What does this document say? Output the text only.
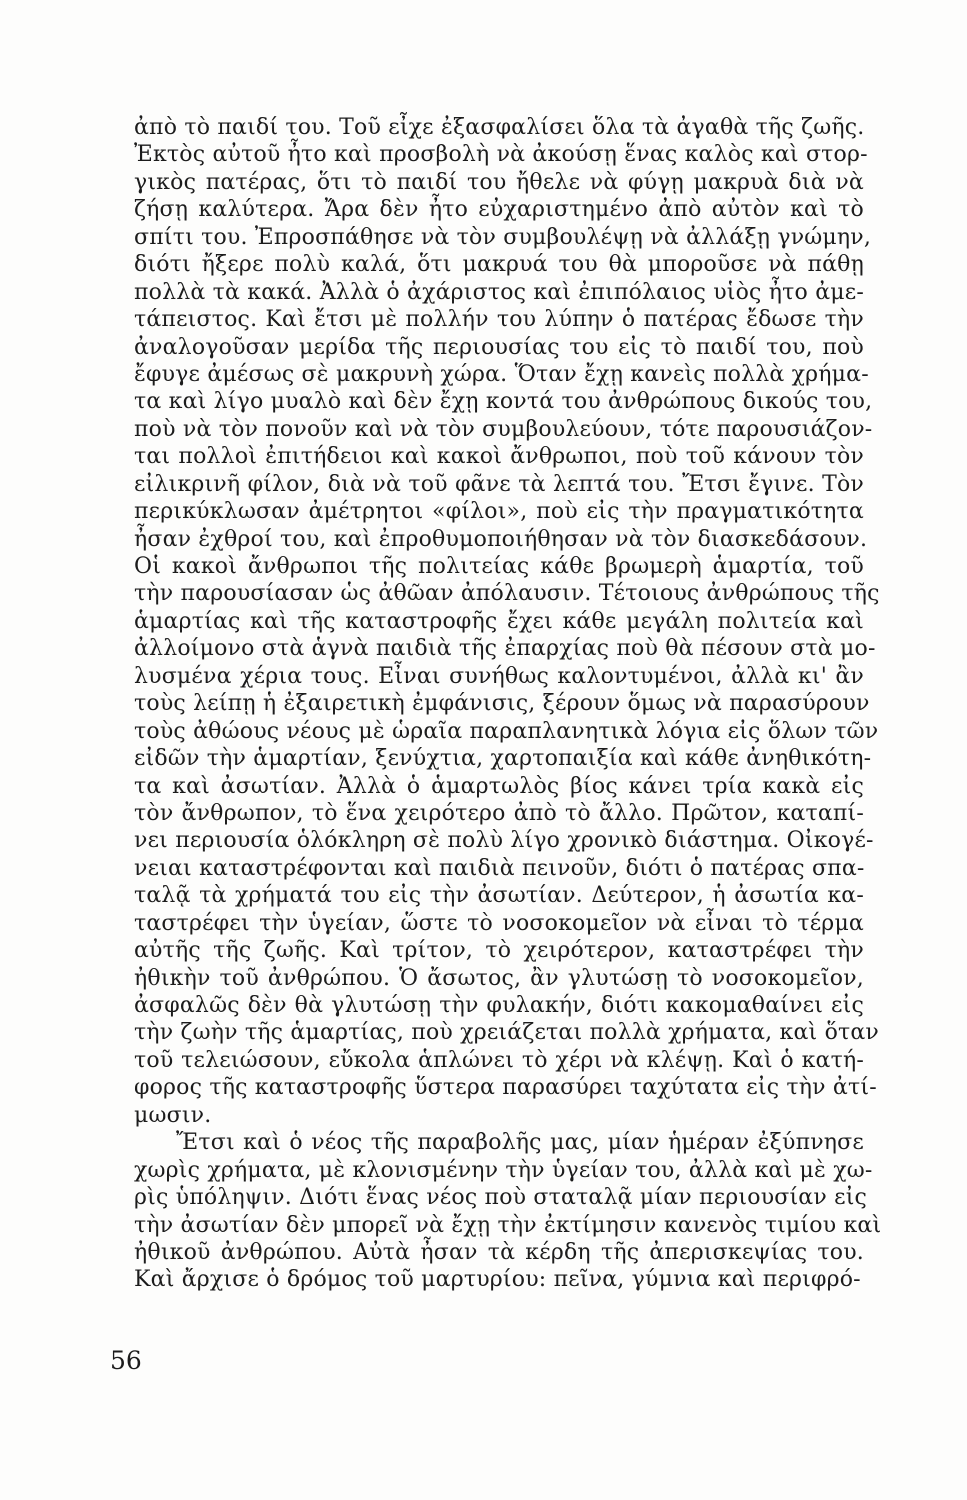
ἀπὸ τὸ παιδί του. Τοῦ εἶχε ἐξασφαλίσει ὅλα τὰ ἀγαθὰ τῆς ζωῆς.
Ἐκτὸς αὐτοῦ ἦτο καὶ προσβολὴ νὰ ἀκούσῃ ἕνας καλὸς καὶ στορ-
γικὸς πατέρας, ὅτι τὸ παιδί του ἤθελε νὰ φύγῃ μακρυὰ διὰ νὰ
ζήσῃ καλύτερα. Ἄρα δὲν ἦτο εὐχαριστημένο ἀπὸ αὐτὸν καὶ τὸ
σπίτι του. Ἐπροσπάθησε νὰ τὸν συμβουλέψῃ νὰ ἀλλάξῃ γνώμην,
διότι ἤξερε πολὺ καλά, ὅτι μακρυά του θὰ μποροῦσε νὰ πάθῃ
πολλὰ τὰ κακά. Ἀλλὰ ὁ ἀχάριστος καὶ ἐπιπόλαιος υἱὸς ἦτο ἀμε-
τάπειστος. Καὶ ἔτσι μὲ πολλήν του λύπην ὁ πατέρας ἔδωσε τὴν
ἀναλογοῦσαν μερίδα τῆς περιουσίας του εἰς τὸ παιδί του, ποὺ
ἔφυγε ἀμέσως σὲ μακρυνὴ χώρα. Ὅταν ἔχῃ κανεὶς πολλὰ χρήμα-
τα καὶ λίγο μυαλὸ καὶ δὲν ἔχῃ κοντά του ἀνθρώπους δικούς του,
ποὺ νὰ τὸν πονοῦν καὶ νὰ τὸν συμβουλεύουν, τότε παρουσιάζον-
ται πολλοὶ ἐπιτήδειοι καὶ κακοὶ ἄνθρωποι, ποὺ τοῦ κάνουν τὸν
εἰλικρινῆ φίλον, διὰ νὰ τοῦ φᾶνε τὰ λεπτά του. Ἔτσι ἔγινε. Τὸν
περικύκλωσαν ἀμέτρητοι «φίλοι», ποὺ εἰς τὴν πραγματικότητα
ἦσαν ἐχθροί του, καὶ ἐπροθυμοποιήθησαν νὰ τὸν διασκεδάσουν.
Οἱ κακοὶ ἄνθρωποι τῆς πολιτείας κάθε βρωμερὴ ἁμαρτία, τοῦ
τὴν παρουσίασαν ὡς ἀθῶαν ἀπόλαυσιν. Τέτοιους ἀνθρώπους τῆς
ἁμαρτίας καὶ τῆς καταστροφῆς ἔχει κάθε μεγάλη πολιτεία καὶ
ἀλλοίμονο στὰ ἁγνὰ παιδιὰ τῆς ἐπαρχίας ποὺ θὰ πέσουν στὰ μο-
λυσμένα χέρια τους. Εἶναι συνήθως καλοντυμένοι, ἀλλὰ κι' ἂν
τοὺς λείπῃ ἡ ἐξαιρετικὴ ἐμφάνισις, ξέρουν ὅμως νὰ παρασύρουν
τοὺς ἀθώους νέους μὲ ὡραῖα παραπλανητικὰ λόγια εἰς ὅλων τῶν
εἰδῶν τὴν ἁμαρτίαν, ξενύχτια, χαρτοπαιξία καὶ κάθε ἀνηθικότη-
τα καὶ ἀσωτίαν. Ἀλλὰ ὁ ἁμαρτωλὸς βίος κάνει τρία κακὰ εἰς
τὸν ἄνθρωπον, τὸ ἕνα χειρότερο ἀπὸ τὸ ἄλλο. Πρῶτον, καταπί-
νει περιουσία ὁλόκληρη σὲ πολὺ λίγο χρονικὸ διάστημα. Οἰκογέ-
νειαι καταστρέφονται καὶ παιδιὰ πεινοῦν, διότι ὁ πατέρας σπα-
ταλᾷ τὰ χρήματά του εἰς τὴν ἀσωτίαν. Δεύτερον, ἡ ἀσωτία κα-
ταστρέφει τὴν ὑγείαν, ὥστε τὸ νοσοκομεῖον νὰ εἶναι τὸ τέρμα
αὐτῆς τῆς ζωῆς. Καὶ τρίτον, τὸ χειρότερον, καταστρέφει τὴν
ἠθικὴν τοῦ ἀνθρώπου. Ὁ ἄσωτος, ἂν γλυτώσῃ τὸ νοσοκομεῖον,
ἀσφαλῶς δὲν θὰ γλυτώσῃ τὴν φυλακήν, διότι κακομαθαίνει εἰς
τὴν ζωὴν τῆς ἁμαρτίας, ποὺ χρειάζεται πολλὰ χρήματα, καὶ ὅταν
τοῦ τελειώσουν, εὔκολα ἁπλώνει τὸ χέρι νὰ κλέψῃ. Καὶ ὁ κατή-
φορος τῆς καταστροφῆς ὕστερα παρασύρει ταχύτατα εἰς τὴν ἀτί-
μωσιν.
Ἔτσι καὶ ὁ νέος τῆς παραβολῆς μας, μίαν ἡμέραν ἐξύπνησε
χωρὶς χρήματα, μὲ κλονισμένην τὴν ὑγείαν του, ἀλλὰ καὶ μὲ χω-
ρὶς ὑπόληψιν. Διότι ἕνας νέος ποὺ σταταλᾷ μίαν περιουσίαν εἰς
τὴν ἀσωτίαν δὲν μπορεῖ νὰ ἔχῃ τὴν ἐκτίμησιν κανενὸς τιμίου καὶ
ἠθικοῦ ἀνθρώπου. Αὐτὰ ἦσαν τὰ κέρδη τῆς ἀπερισκεψίας του.
Καὶ ἄρχισε ὁ δρόμος τοῦ μαρτυρίου: πεῖνα, γύμνια καὶ περιφρό-
56
